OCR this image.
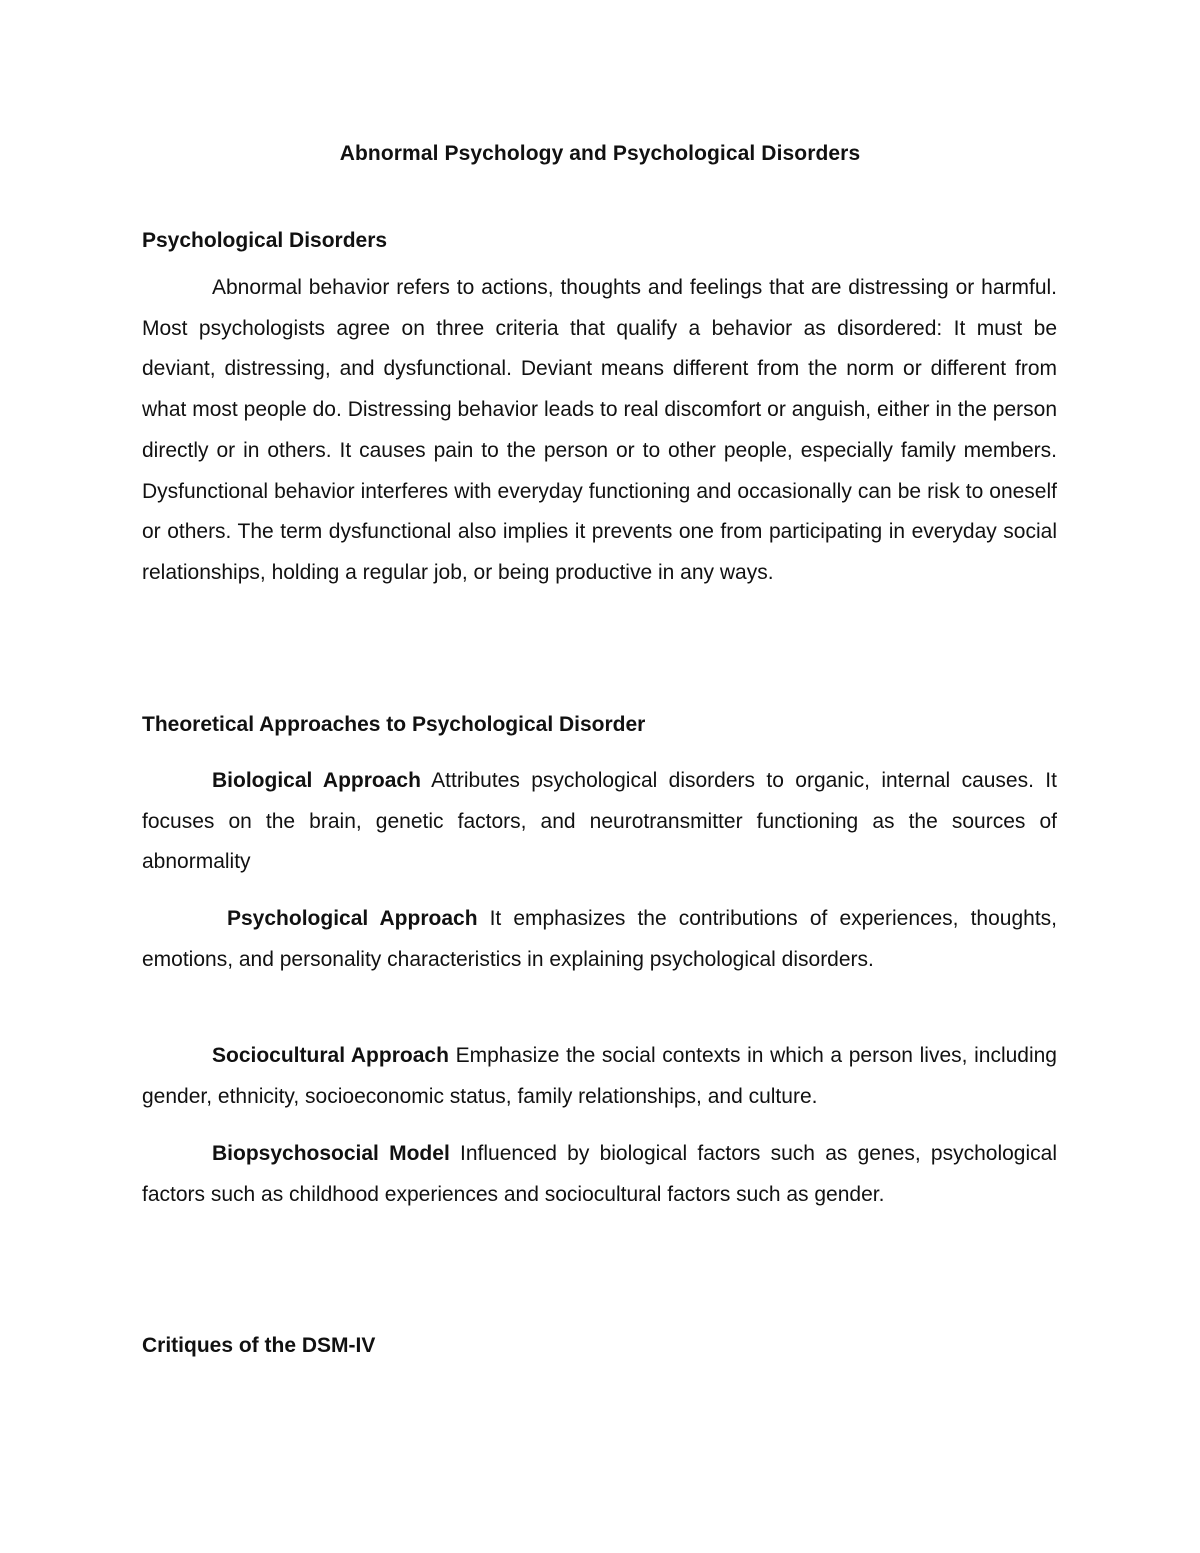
Abnormal Psychology and Psychological Disorders
Psychological Disorders

Abnormal behavior refers to actions, thoughts and feelings that are distressing or harmful. Most psychologists agree on three criteria that qualify a behavior as disordered: It must be deviant, distressing, and dysfunctional. Deviant means different from the norm or different from what most people do. Distressing behavior leads to real discomfort or anguish, either in the person directly or in others. It causes pain to the person or to other people, especially family members. Dysfunctional behavior interferes with everyday functioning and occasionally can be risk to oneself or others. The term dysfunctional also implies it prevents one from participating in everyday social relationships, holding a regular job, or being productive in any ways.

Theoretical Approaches to Psychological Disorder

Biological Approach Attributes psychological disorders to organic, internal causes. It focuses on the brain, genetic factors, and neurotransmitter functioning as the sources of abnormality

Psychological Approach It emphasizes the contributions of experiences, thoughts, emotions, and personality characteristics in explaining psychological disorders.

Sociocultural Approach Emphasize the social contexts in which a person lives, including gender, ethnicity, socioeconomic status, family relationships, and culture.

Biopsychosocial Model Influenced by biological factors such as genes, psychological factors such as childhood experiences and sociocultural factors such as gender.

Critiques of the DSM-IV
